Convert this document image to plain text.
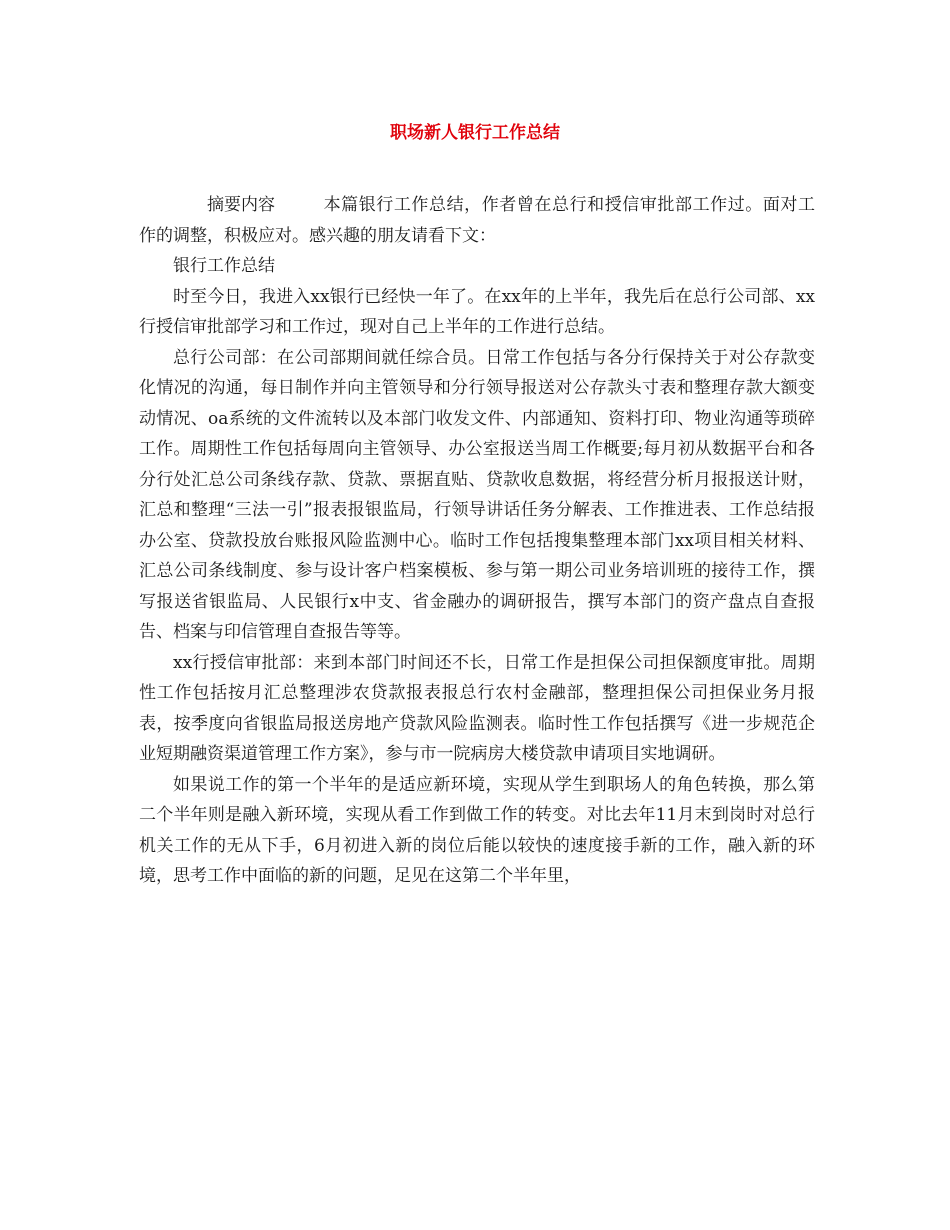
职场新人银行工作总结

摘要内容	本篇银行工作总结，作者曾在总行和授信审批部工作过。面对工作的调整，积极应对。感兴趣的朋友请看下文：

银行工作总结

时至今日，我进入xx银行已经快一年了。在xx年的上半年，我先后在总行公司部、xx行授信审批部学习和工作过，现对自己上半年的工作进行总结。

总行公司部：在公司部期间就任综合员。日常工作包括与各分行保持关于对公存款变化情况的沟通，每日制作并向主管领导和分行领导报送对公存款头寸表和整理存款大额变动情况、oa系统的文件流转以及本部门收发文件、内部通知、资料打印、物业沟通等琐碎工作。周期性工作包括每周向主管领导、办公室报送当周工作概要;每月初从数据平台和各分行处汇总公司条线存款、贷款、票据直贴、贷款收息数据，将经营分析月报报送计财，汇总和整理“三法一引”报表报银监局，行领导讲话任务分解表、工作推进表、工作总结报办公室、贷款投放台账报风险监测中心。临时工作包括搜集整理本部门xx项目相关材料、汇总公司条线制度、参与设计客户档案模板、参与第一期公司业务培训班的接待工作，撰写报送省银监局、人民银行x中支、省金融办的调研报告，撰写本部门的资产盘点自查报告、档案与印信管理自查报告等等。

xx行授信审批部：来到本部门时间还不长，日常工作是担保公司担保额度审批。周期性工作包括按月汇总整理涉农贷款报表报总行农村金融部，整理担保公司担保业务月报表，按季度向省银监局报送房地产贷款风险监测表。临时性工作包括撰写《进一步规范企业短期融资渠道管理工作方案》，参与市一院病房大楼贷款申请项目实地调研。

如果说工作的第一个半年的是适应新环境，实现从学生到职场人的角色转换，那么第二个半年则是融入新环境，实现从看工作到做工作的转变。对比去年11月末到岗时对总行机关工作的无从下手，6月初进入新的岗位后能以较快的速度接手新的工作，融入新的环境，思考工作中面临的新的问题，足见在这第二个半年里，
